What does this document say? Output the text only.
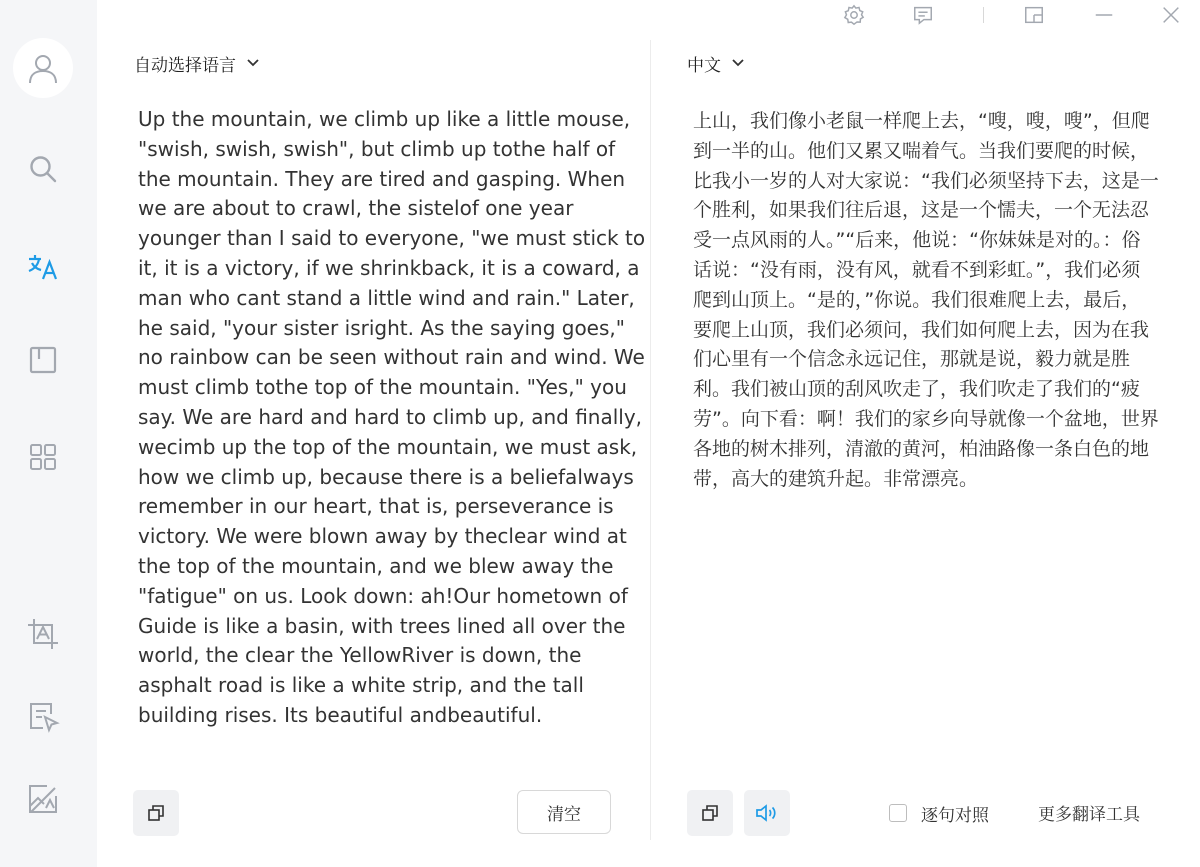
自动选择语言

Up the mountain, we climb up like a little mouse, "swish, swish, swish", but climb up tothe half of the mountain. They are tired and gasping. When we are about to crawl, the sistelof one year younger than I said to everyone, "we must stick to it, it is a victory, if we shrinkback, it is a coward, a man who cant stand a little wind and rain." Later, he said, "your sister isright. As the saying goes," no rainbow can be seen without rain and wind. We must climb tothe top of the mountain. "Yes," you say. We are hard and hard to climb up, and finally, wecimb up the top of the mountain, we must ask, how we climb up, because there is a beliefalways remember in our heart, that is, perseverance is victory. We were blown away by theclear wind at the top of the mountain, and we blew away the "fatigue" on us. Look down: ah!Our hometown of Guide is like a basin, with trees lined all over the world, the clear the YellowRiver is down, the asphalt road is like a white strip, and the tall building rises. Its beautiful andbeautiful.

清空
中文

上山，我们像小老鼠一样爬上去，“嗖，嗖，嗖”，但爬到一半的山。他们又累又喘着气。当我们要爬的时候，比我小一岁的人对大家说：“我们必须坚持下去，这是一个胜利，如果我们往后退，这是一个懦夫，一个无法忍受一点风雨的人。”“后来，他说：“你妹妹是对的。：俗话说：“没有雨，没有风，就看不到彩虹。”，我们必须爬到山顶上。“是的，”你说。我们很难爬上去，最后，要爬上山顶，我们必须问，我们如何爬上去，因为在我们心里有一个信念永远记住，那就是说，毅力就是胜利。我们被山顶的刮风吹走了，我们吹走了我们的“疲劳”。向下看：啊！我们的家乡向导就像一个盆地，世界各地的树木排列，清澈的黄河，柏油路像一条白色的地带，高大的建筑升起。非常漂亮。

逐句对照	更多翻译工具
